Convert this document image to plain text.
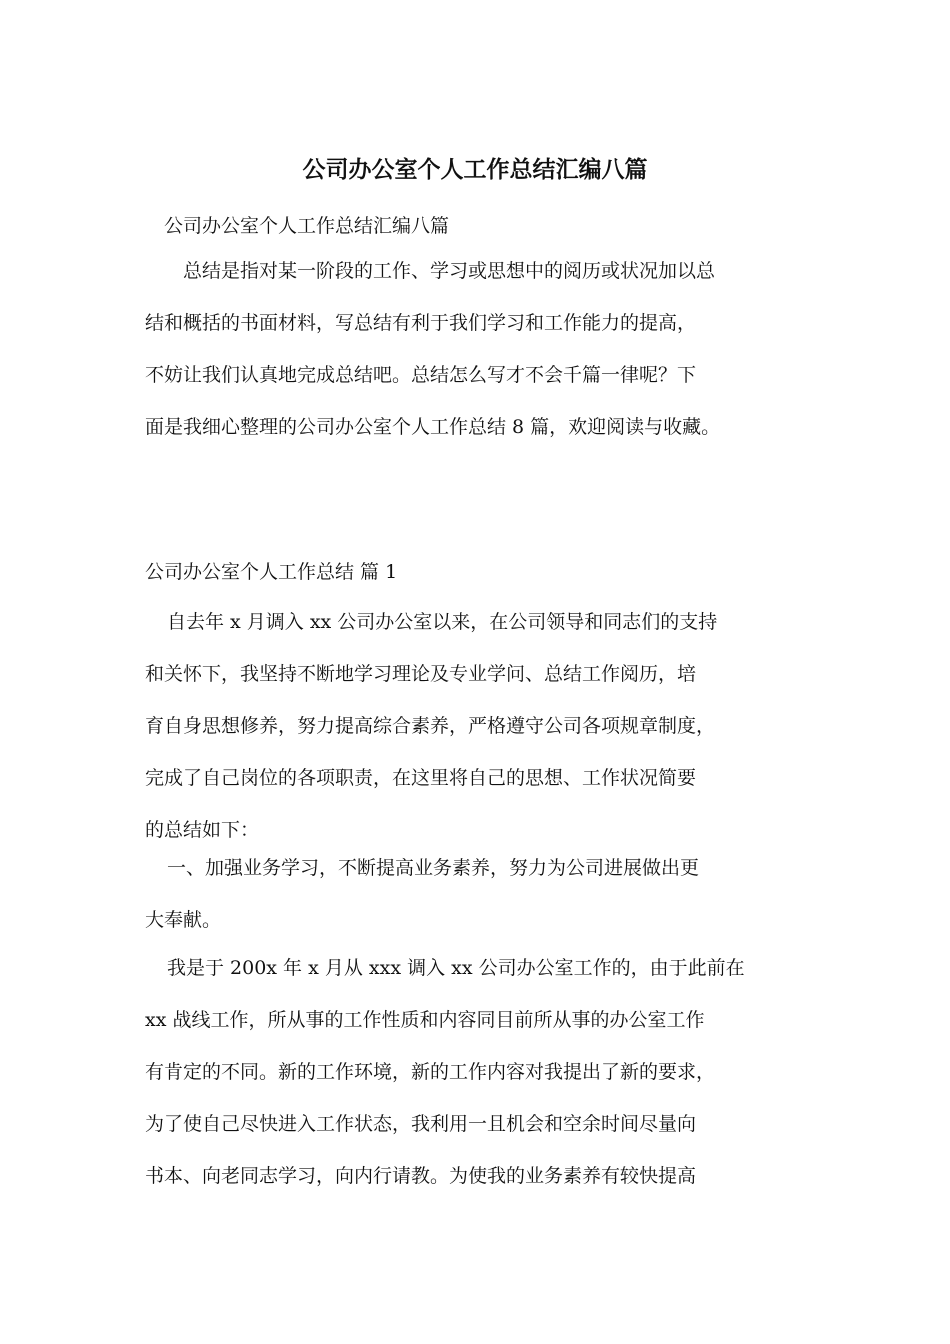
公司办公室个人工作总结汇编八篇

公司办公室个人工作总结汇编八篇

　总结是指对某一阶段的工作、学习或思想中的阅历或状况加以总
结和概括的书面材料，写总结有利于我们学习和工作能力的提高，
不妨让我们认真地完成总结吧。总结怎么写才不会千篇一律呢？下
面是我细心整理的公司办公室个人工作总结 8 篇，欢迎阅读与收藏。

公司办公室个人工作总结 篇 1

自去年 x 月调入 xx 公司办公室以来，在公司领导和同志们的支持
和关怀下，我坚持不断地学习理论及专业学问、总结工作阅历，培
育自身思想修养，努力提高综合素养，严格遵守公司各项规章制度，
完成了自己岗位的各项职责，在这里将自己的思想、工作状况简要
的总结如下：

一、加强业务学习，不断提高业务素养，努力为公司进展做出更
大奉献。

我是于 200x 年 x 月从 xxx 调入 xx 公司办公室工作的，由于此前在
xx 战线工作，所从事的工作性质和内容同目前所从事的办公室工作
有肯定的不同。新的工作环境，新的工作内容对我提出了新的要求，
为了使自己尽快进入工作状态，我利用一且机会和空余时间尽量向
书本、向老同志学习，向内行请教。为使我的业务素养有较快提高
